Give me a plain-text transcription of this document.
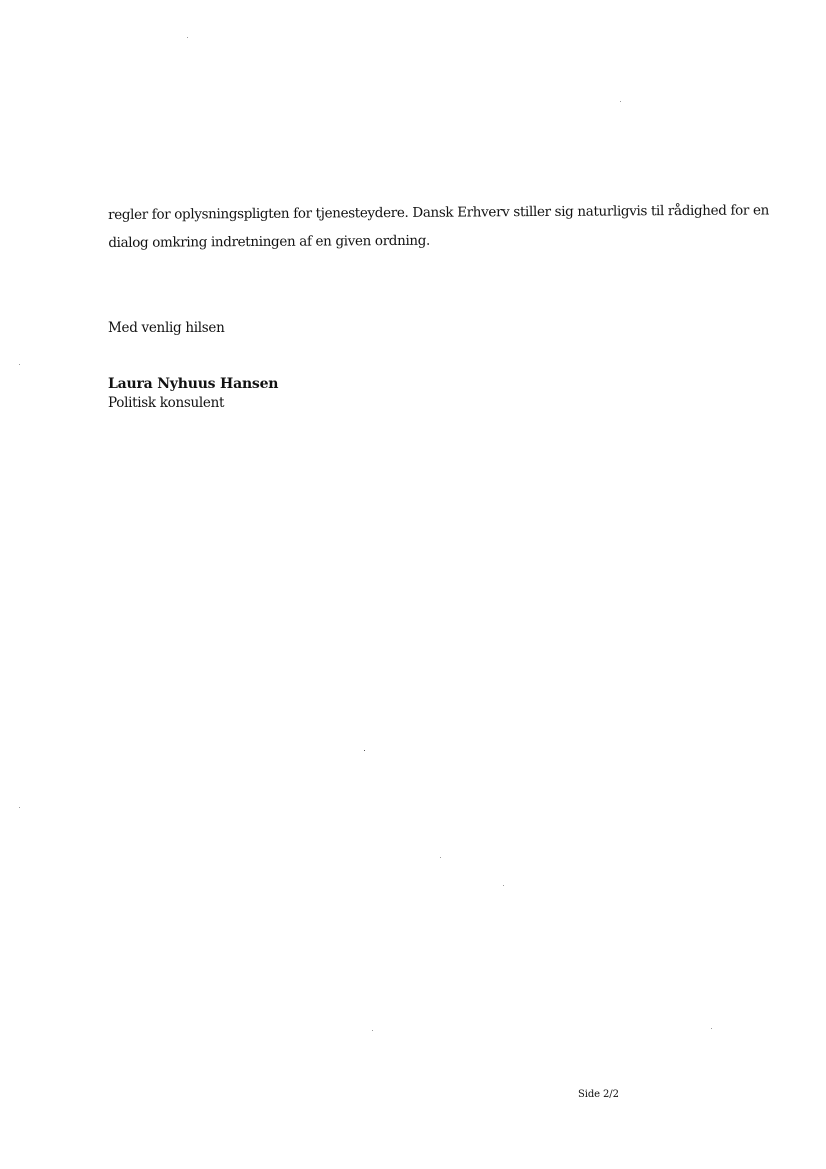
regler for oplysningspligten for tjenesteydere. Dansk Erhverv stiller sig naturligvis til rådighed for en

dialog omkring indretningen af en given ordning.

Med venlig hilsen
Laura Nyhuus Hansen
Politisk konsulent
Side 2/2
